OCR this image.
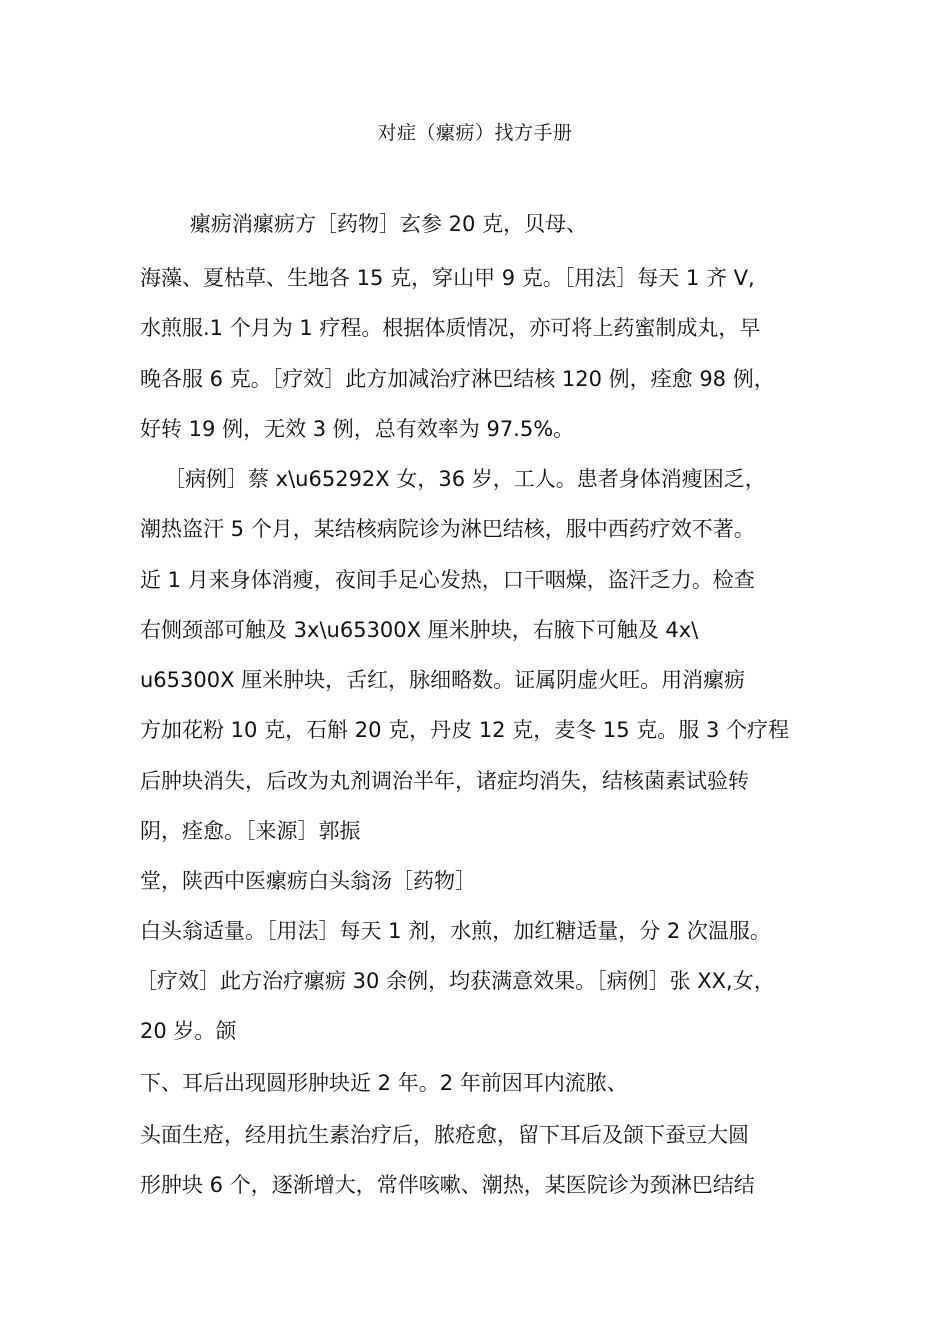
对症（瘰疬）找方手册
瘰疬消瘰疬方［药物］玄参 20 克，贝母、
海藻、夏枯草、生地各 15 克，穿山甲 9 克。［用法］每天 1 齐 V,
水煎服.1 个月为 1 疗程。根据体质情况，亦可将上药蜜制成丸，早
晚各服 6 克。［疗效］此方加减治疗淋巴结核 120 例，痊愈 98 例，
好转 19 例，无效 3 例，总有效率为 97.5%。
［病例］蔡 x\u65292X 女，36 岁，工人。患者身体消瘦困乏，
潮热盗汗 5 个月，某结核病院诊为淋巴结核，服中西药疗效不著。
近 1 月来身体消瘦，夜间手足心发热，口干咽燥，盗汗乏力。检查
右侧颈部可触及 3x\u65300X 厘米肿块，右腋下可触及 4x\
u65300X 厘米肿块，舌红，脉细略数。证属阴虚火旺。用消瘰疬
方加花粉 10 克，石斛 20 克，丹皮 12 克，麦冬 15 克。服 3 个疗程
后肿块消失，后改为丸剂调治半年，诸症均消失，结核菌素试验转
阴，痊愈。［来源］郭振
堂，陕西中医瘰疬白头翁汤［药物］
白头翁适量。［用法］每天 1 剂，水煎，加红糖适量，分 2 次温服。
［疗效］此方治疗瘰疬 30 余例，均获满意效果。［病例］张 XX,女，
20 岁。颌
下、耳后出现圆形肿块近 2 年。2 年前因耳内流脓、
头面生疮，经用抗生素治疗后，脓疮愈，留下耳后及颌下蚕豆大圆
形肿块 6 个，逐渐增大，常伴咳嗽、潮热，某医院诊为颈淋巴结结
